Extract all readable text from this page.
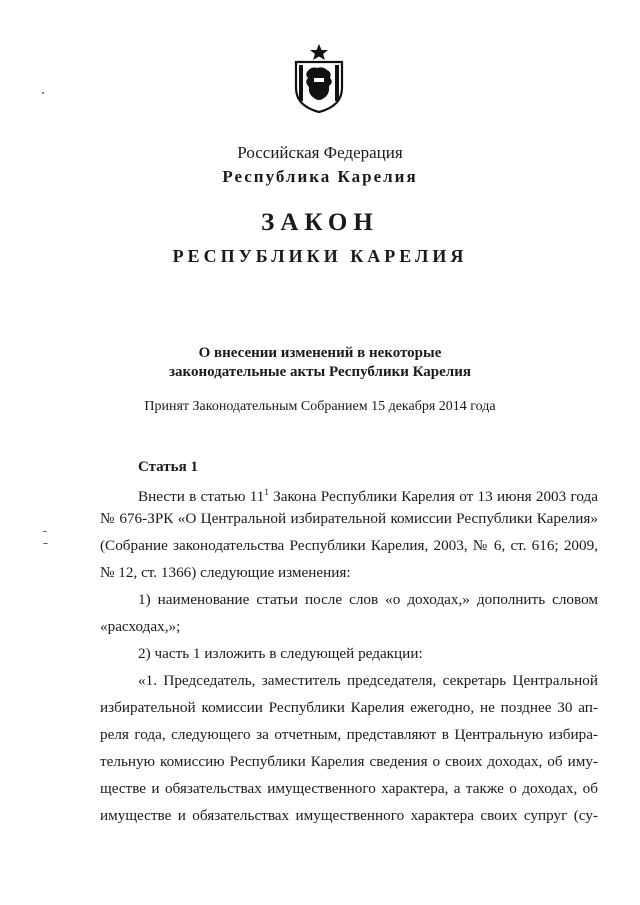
Российская Федерация
Республика Карелия
ЗАКОН
РЕСПУБЛИКИ КАРЕЛИЯ
О внесении изменений в некоторые
законодательные акты Республики Карелия
Принят Законодательным Собранием 15 декабря 2014 года
Статья 1
Внести в статью $11^1$ Закона Республики Карелия от 13 июня 2003 года
№ 676-ЗРК «О Центральной избирательной комиссии Республики Карелия»
(Собрание законодательства Республики Карелия, 2003, № 6, ст. 616; 2009,
№ 12, ст. 1366) следующие изменения:
1) наименование статьи после слов «о доходах,» дополнить словом
«расходах,»;
2) часть 1 изложить в следующей редакции:
«1. Председатель, заместитель председателя, секретарь Центральной
избирательной комиссии Республики Карелия ежегодно, не позднее 30 ап-
реля года, следующего за отчетным, представляют в Центральную избира-
тельную комиссию Республики Карелия сведения о своих доходах, об иму-
ществе и обязательствах имущественного характера, а также о доходах, об
имуществе и обязательствах имущественного характера своих супруг (су-
